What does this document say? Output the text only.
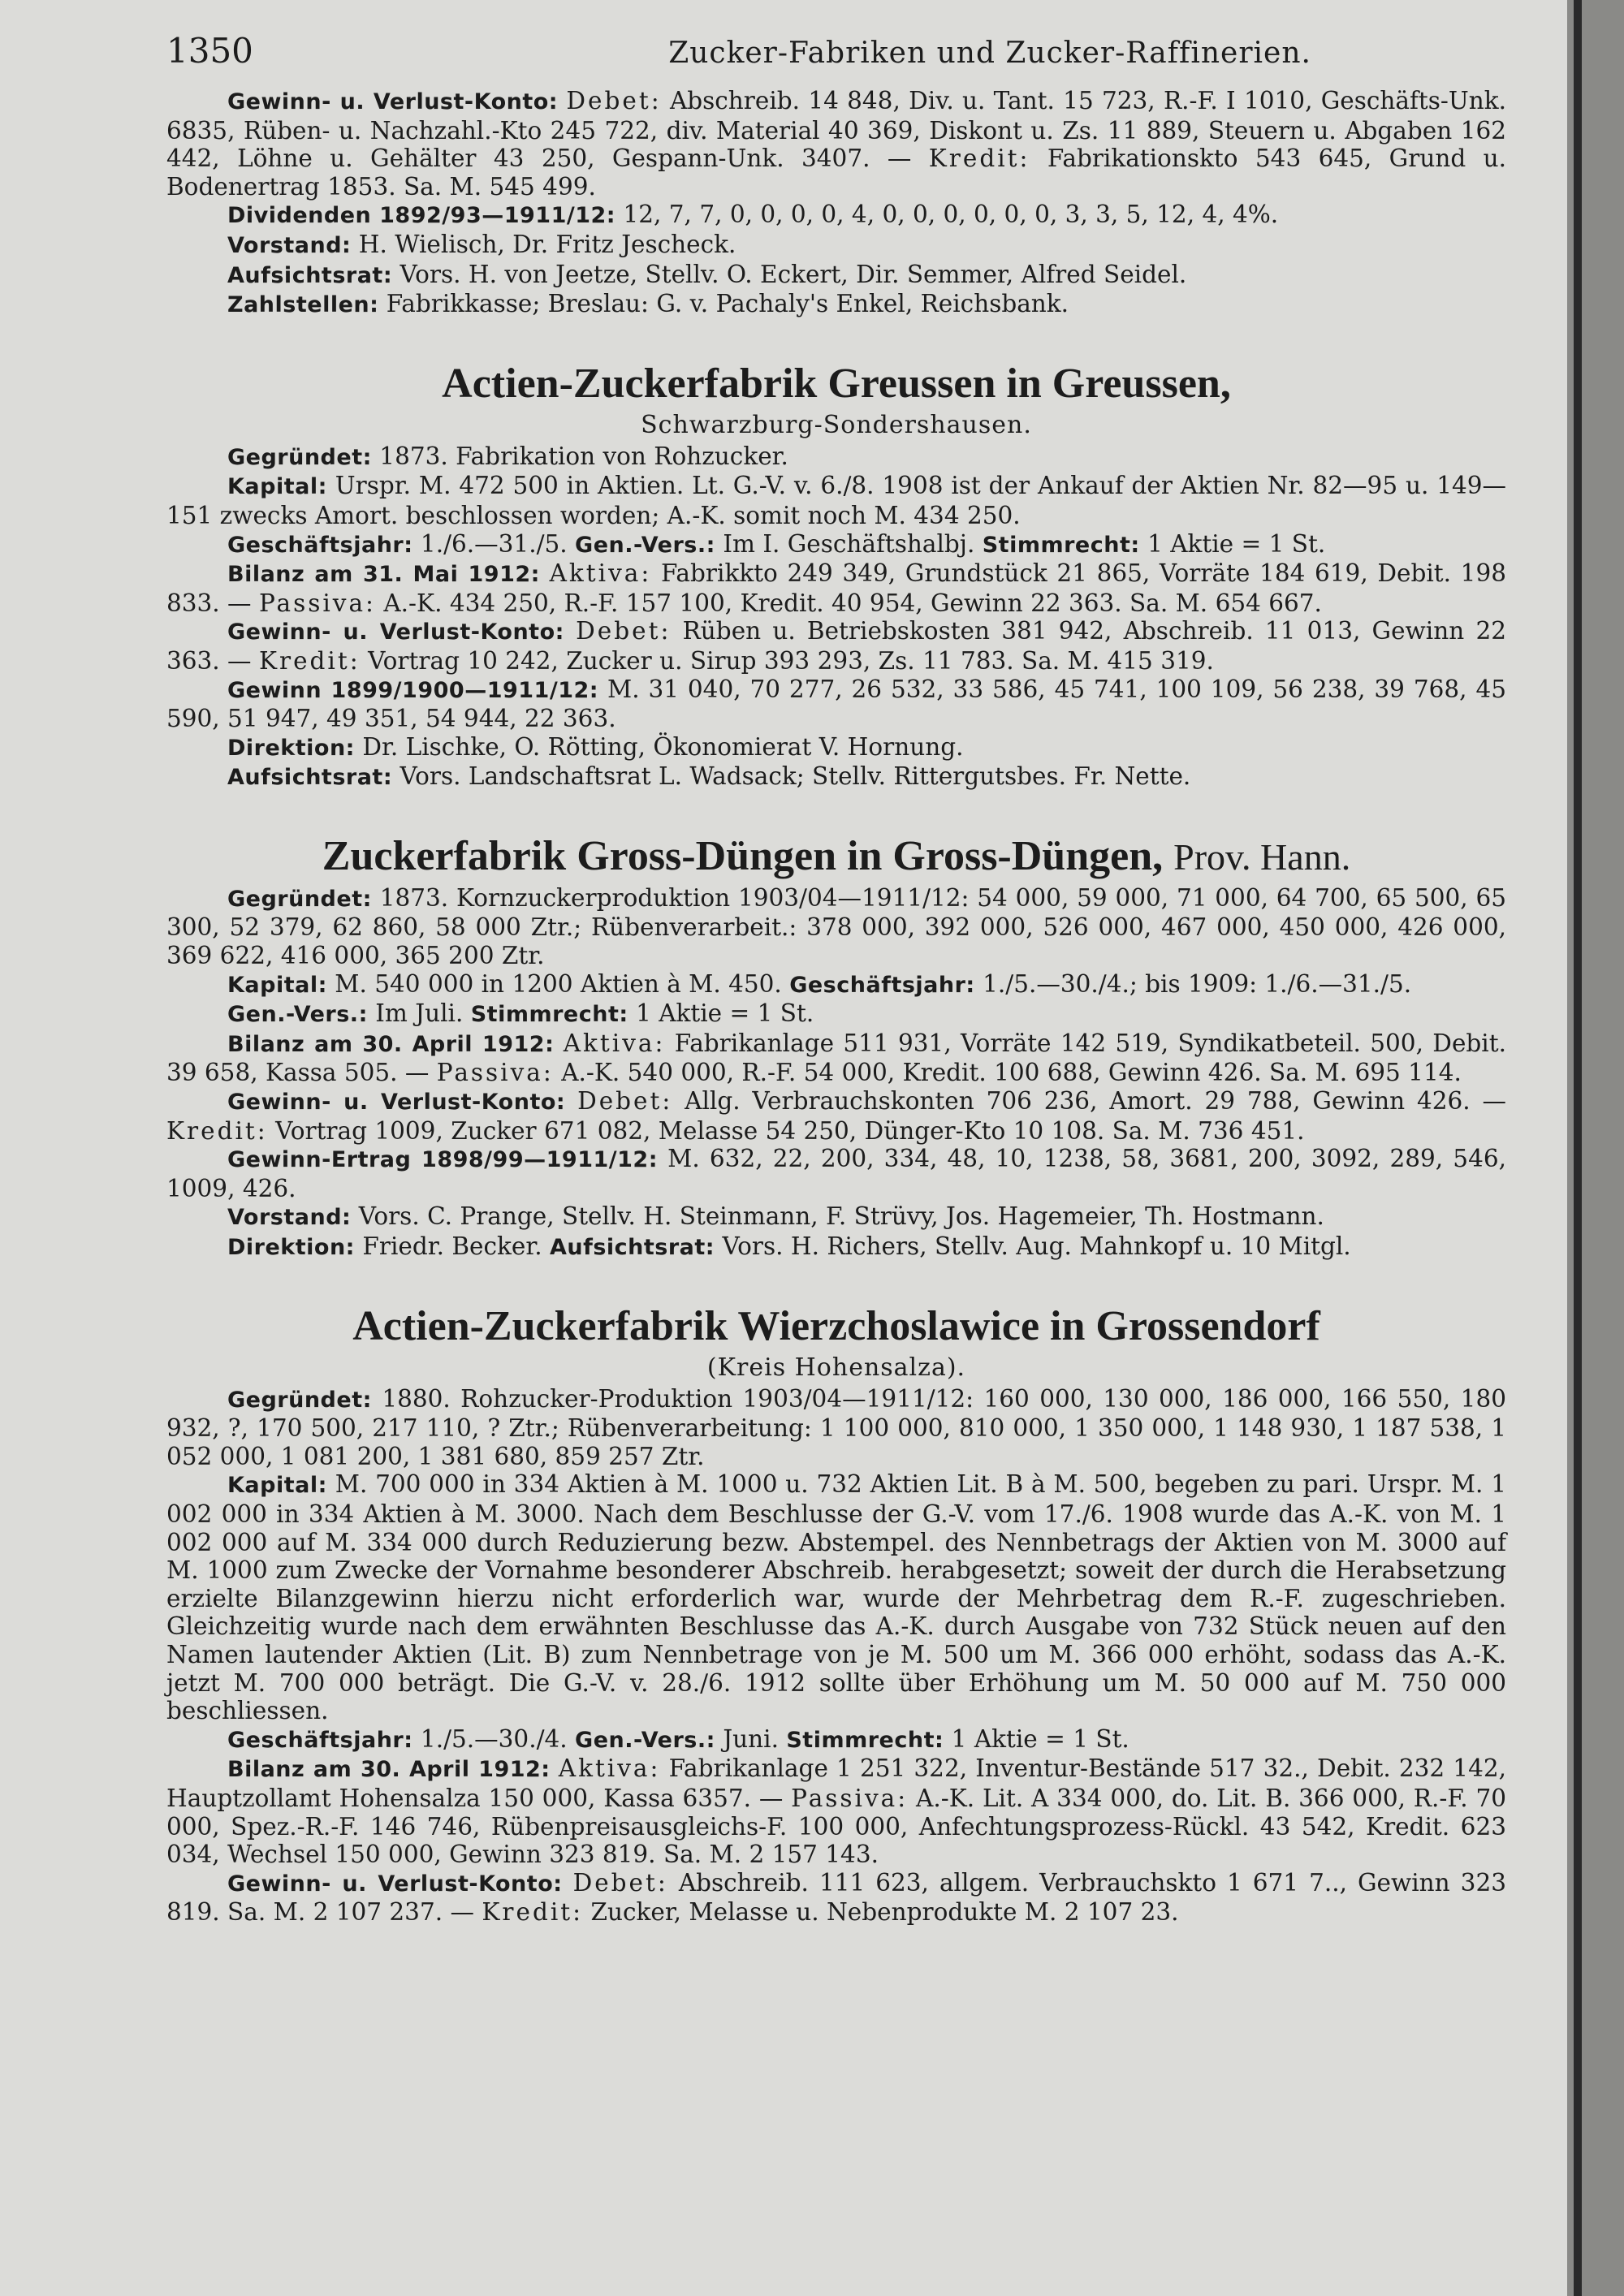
1350	Zucker-Fabriken und Zucker-Raffinerien.

Gewinn- u. Verlust-Konto: Debet: Abschreib. 14 848, Div. u. Tant. 15 723, R.-F. I 1010, Geschäfts-Unk. 6835, Rüben- u. Nachzahl.-Kto 245 722, div. Material 40 369, Diskont u. Zs. 11 889, Steuern u. Abgaben 162 442, Löhne u. Gehälter 43 250, Gespann-Unk. 3407. — Kredit: Fabrikationskto 543 645, Grund u. Bodenertrag 1853. Sa. M. 545 499.

Dividenden 1892/93—1911/12: 12, 7, 7, 0, 0, 0, 0, 4, 0, 0, 0, 0, 0, 0, 3, 3, 5, 12, 4, 4%.

Vorstand: H. Wielisch, Dr. Fritz Jescheck.

Aufsichtsrat: Vors. H. von Jeetze, Stellv. O. Eckert, Dir. Semmer, Alfred Seidel.

Zahlstellen: Fabrikkasse; Breslau: G. v. Pachaly's Enkel, Reichsbank.

Actien-Zuckerfabrik Greussen in Greussen,
Schwarzburg-Sondershausen.

Gegründet: 1873. Fabrikation von Rohzucker.

Kapital: Urspr. M. 472 500 in Aktien. Lt. G.-V. v. 6./8. 1908 ist der Ankauf der Aktien Nr. 82—95 u. 149—151 zwecks Amort. beschlossen worden; A.-K. somit noch M. 434 250.

Geschäftsjahr: 1./6.—31./5. Gen.-Vers.: Im I. Geschäftshalbj. Stimmrecht: 1 Aktie = 1 St.

Bilanz am 31. Mai 1912: Aktiva: Fabrikkto 249 349, Grundstück 21 865, Vorräte 184 619, Debit. 198 833. — Passiva: A.-K. 434 250, R.-F. 157 100, Kredit. 40 954, Gewinn 22 363. Sa. M. 654 667.

Gewinn- u. Verlust-Konto: Debet: Rüben u. Betriebskosten 381 942, Abschreib. 11 013, Gewinn 22 363. — Kredit: Vortrag 10 242, Zucker u. Sirup 393 293, Zs. 11 783. Sa. M. 415 319.

Gewinn 1899/1900—1911/12: M. 31 040, 70 277, 26 532, 33 586, 45 741, 100 109, 56 238, 39 768, 45 590, 51 947, 49 351, 54 944, 22 363.

Direktion: Dr. Lischke, O. Rötting, Ökonomierat V. Hornung.

Aufsichtsrat: Vors. Landschaftsrat L. Wadsack; Stellv. Rittergutsbes. Fr. Nette.

Zuckerfabrik Gross-Düngen in Gross-Düngen, Prov. Hann.

Gegründet: 1873. Kornzuckerproduktion 1903/04—1911/12: 54 000, 59 000, 71 000, 64 700, 65 500, 65 300, 52 379, 62 860, 58 000 Ztr.; Rübenverarbeit.: 378 000, 392 000, 526 000, 467 000, 450 000, 426 000, 369 622, 416 000, 365 200 Ztr.

Kapital: M. 540 000 in 1200 Aktien à M. 450. Geschäftsjahr: 1./5.—30./4.; bis 1909: 1./6.—31./5.

Gen.-Vers.: Im Juli. Stimmrecht: 1 Aktie = 1 St.

Bilanz am 30. April 1912: Aktiva: Fabrikanlage 511 931, Vorräte 142 519, Syndikatbeteil. 500, Debit. 39 658, Kassa 505. — Passiva: A.-K. 540 000, R.-F. 54 000, Kredit. 100 688, Gewinn 426. Sa. M. 695 114.

Gewinn- u. Verlust-Konto: Debet: Allg. Verbrauchskonten 706 236, Amort. 29 788, Gewinn 426. — Kredit: Vortrag 1009, Zucker 671 082, Melasse 54 250, Dünger-Kto 10 108. Sa. M. 736 451.

Gewinn-Ertrag 1898/99—1911/12: M. 632, 22, 200, 334, 48, 10, 1238, 58, 3681, 200, 3092, 289, 546, 1009, 426.

Vorstand: Vors. C. Prange, Stellv. H. Steinmann, F. Strüvy, Jos. Hagemeier, Th. Hostmann.

Direktion: Friedr. Becker. Aufsichtsrat: Vors. H. Richers, Stellv. Aug. Mahnkopf u. 10 Mitgl.

Actien-Zuckerfabrik Wierzchoslawice in Grossendorf
(Kreis Hohensalza).

Gegründet: 1880. Rohzucker-Produktion 1903/04—1911/12: 160 000, 130 000, 186 000, 166 550, 180 932, ?, 170 500, 217 110, ? Ztr.; Rübenverarbeitung: 1 100 000, 810 000, 1 350 000, 1 148 930, 1 187 538, 1 052 000, 1 081 200, 1 381 680, 859 257 Ztr.

Kapital: M. 700 000 in 334 Aktien à M. 1000 u. 732 Aktien Lit. B à M. 500, begeben zu pari. Urspr. M. 1 002 000 in 334 Aktien à M. 3000. Nach dem Beschlusse der G.-V. vom 17./6. 1908 wurde das A.-K. von M. 1 002 000 auf M. 334 000 durch Reduzierung bezw. Abstempel. des Nennbetrags der Aktien von M. 3000 auf M. 1000 zum Zwecke der Vornahme besonderer Abschreib. herabgesetzt; soweit der durch die Herabsetzung erzielte Bilanzgewinn hierzu nicht erforderlich war, wurde der Mehrbetrag dem R.-F. zugeschrieben. Gleichzeitig wurde nach dem erwähnten Beschlusse das A.-K. durch Ausgabe von 732 Stück neuen auf den Namen lautender Aktien (Lit. B) zum Nennbetrage von je M. 500 um M. 366 000 erhöht, sodass das A.-K. jetzt M. 700 000 beträgt. Die G.-V. v. 28./6. 1912 sollte über Erhöhung um M. 50 000 auf M. 750 000 beschliessen.

Geschäftsjahr: 1./5.—30./4. Gen.-Vers.: Juni. Stimmrecht: 1 Aktie = 1 St.

Bilanz am 30. April 1912: Aktiva: Fabrikanlage 1 251 322, Inventur-Bestände 517 32., Debit. 232 142, Hauptzollamt Hohensalza 150 000, Kassa 6357. — Passiva: A.-K. Lit. A 334 000, do. Lit. B. 366 000, R.-F. 70 000, Spez.-R.-F. 146 746, Rübenpreisausgleichs-F. 100 000, Anfechtungsprozess-Rückl. 43 542, Kredit. 623 034, Wechsel 150 000, Gewinn 323 819. Sa. M. 2 157 143.

Gewinn- u. Verlust-Konto: Debet: Abschreib. 111 623, allgem. Verbrauchskto 1 671 7.., Gewinn 323 819. Sa. M. 2 107 237. — Kredit: Zucker, Melasse u. Nebenprodukte M. 2 107 23.
